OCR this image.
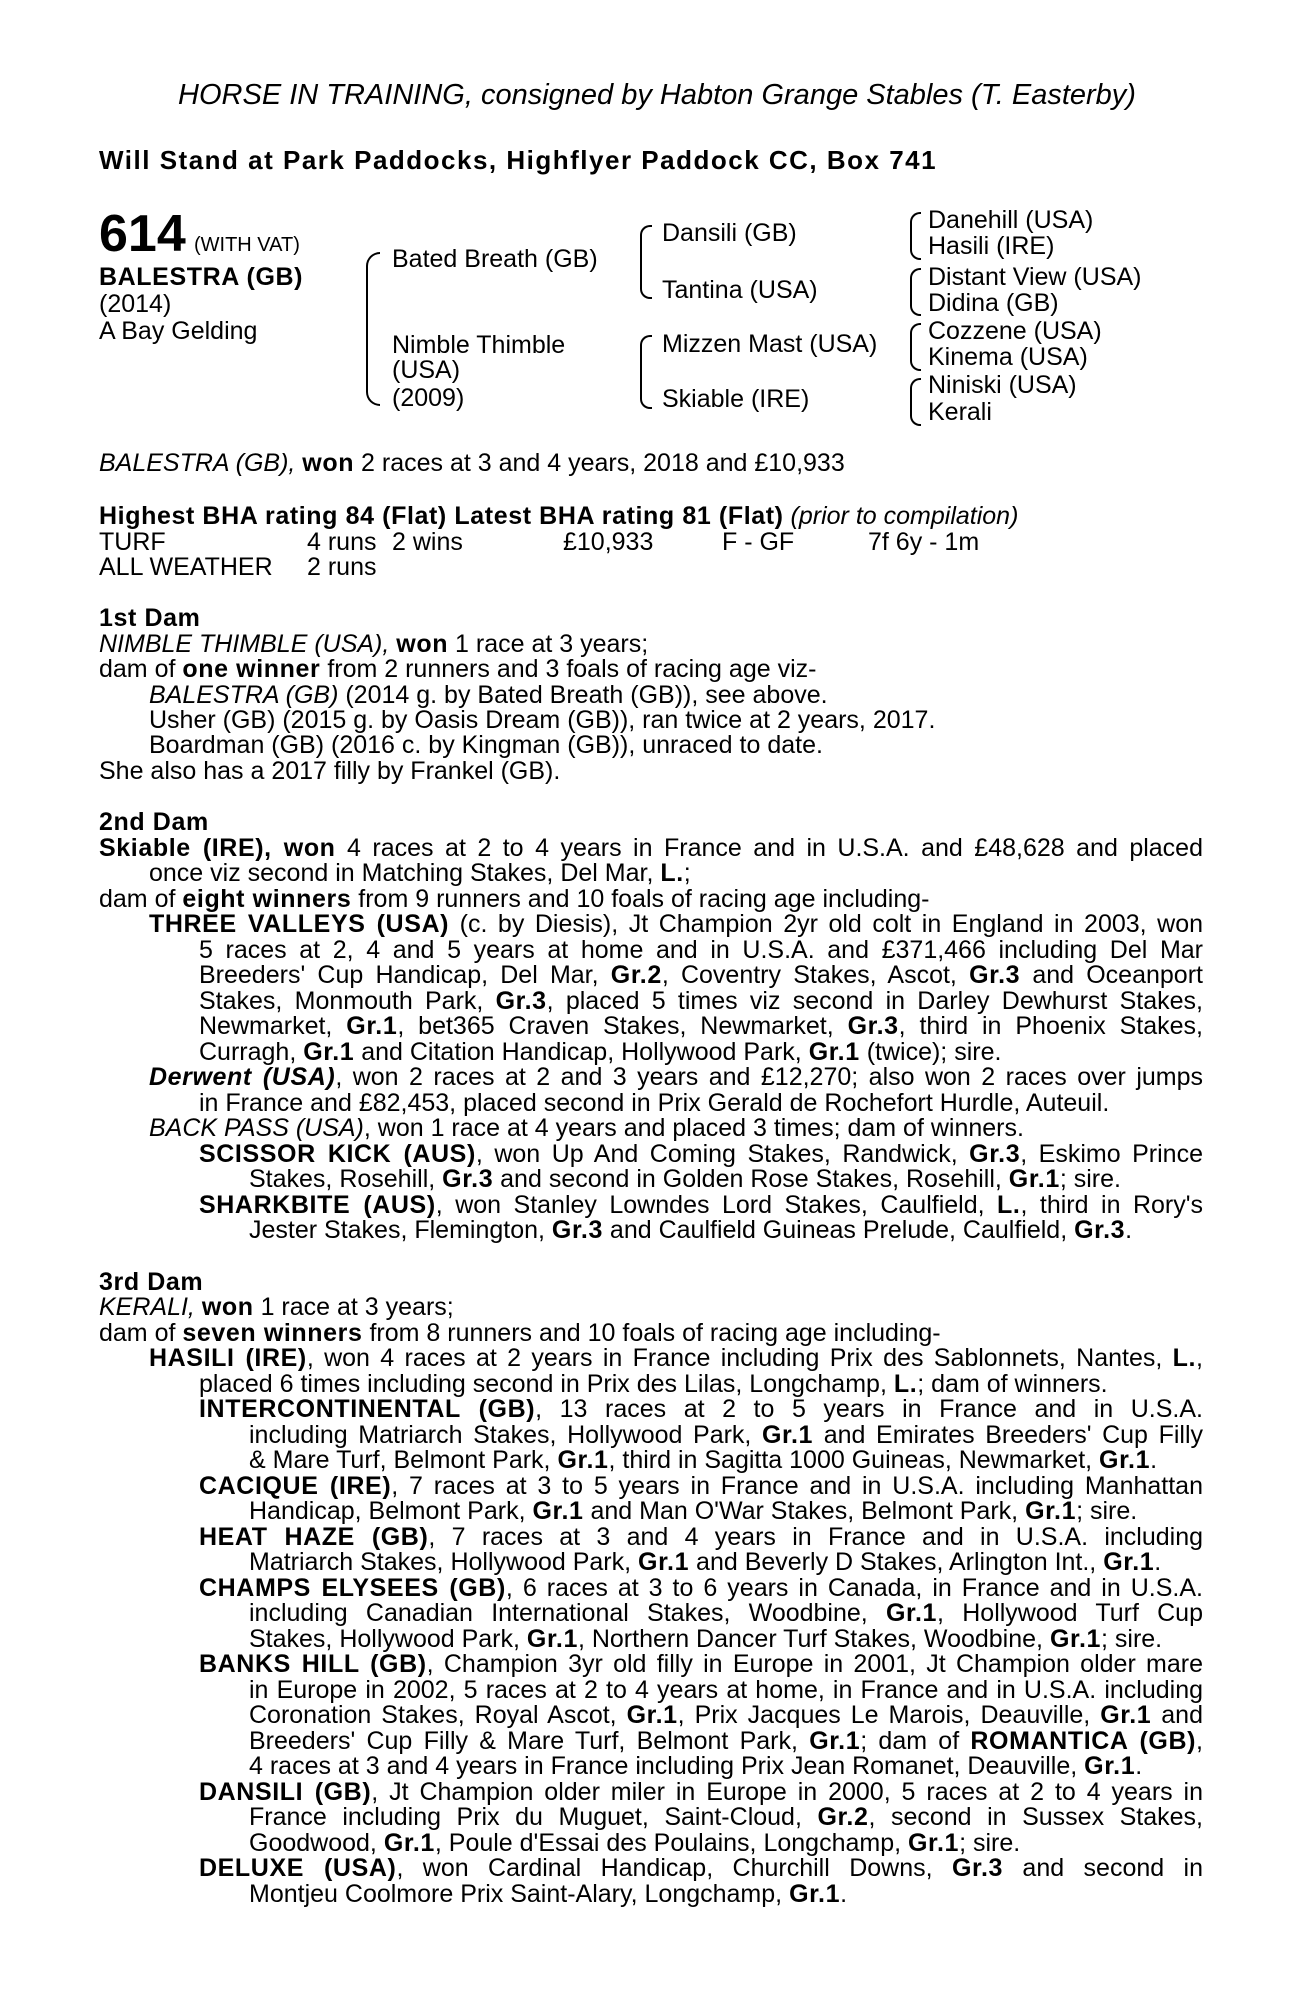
HORSE IN TRAINING, consigned by Habton Grange Stables (T. Easterby)
Will Stand at Park Paddocks, Highflyer Paddock CC, Box 741
614 (WITH VAT)
BALESTRA (GB)
(2014)
A Bay Gelding
Bated Breath (GB)
Nimble Thimble
(USA)
(2009)
Dansili (GB)
Tantina (USA)
Mizzen Mast (USA)
Skiable (IRE)
Danehill (USA)
Hasili (IRE)
Distant View (USA)
Didina (GB)
Cozzene (USA)
Kinema (USA)
Niniski (USA)
Kerali
BALESTRA (GB), won 2 races at 3 and 4 years, 2018 and £10,933
Highest BHA rating 84 (Flat) Latest BHA rating 81 (Flat) (prior to compilation)
TURF	4 runs 2 wins	£10,933	F - GF	7f 6y - 1m
ALL WEATHER 2 runs
1st Dam
NIMBLE THIMBLE (USA), won 1 race at 3 years;
dam of one winner from 2 runners and 3 foals of racing age viz-
BALESTRA (GB) (2014 g. by Bated Breath (GB)), see above.
Usher (GB) (2015 g. by Oasis Dream (GB)), ran twice at 2 years, 2017.
Boardman (GB) (2016 c. by Kingman (GB)), unraced to date.
She also has a 2017 filly by Frankel (GB).
2nd Dam
Skiable (IRE), won 4 races at 2 to 4 years in France and in U.S.A. and £48,628 and placed
once viz second in Matching Stakes, Del Mar, L.;
dam of eight winners from 9 runners and 10 foals of racing age including-
THREE VALLEYS (USA) (c. by Diesis), Jt Champion 2yr old colt in England in 2003, won
5 races at 2, 4 and 5 years at home and in U.S.A. and £371,466 including Del Mar
Breeders' Cup Handicap, Del Mar, Gr.2, Coventry Stakes, Ascot, Gr.3 and Oceanport
Stakes, Monmouth Park, Gr.3, placed 5 times viz second in Darley Dewhurst Stakes,
Newmarket, Gr.1, bet365 Craven Stakes, Newmarket, Gr.3, third in Phoenix Stakes,
Curragh, Gr.1 and Citation Handicap, Hollywood Park, Gr.1 (twice); sire.
Derwent (USA), won 2 races at 2 and 3 years and £12,270; also won 2 races over jumps
in France and £82,453, placed second in Prix Gerald de Rochefort Hurdle, Auteuil.
BACK PASS (USA), won 1 race at 4 years and placed 3 times; dam of winners.
SCISSOR KICK (AUS), won Up And Coming Stakes, Randwick, Gr.3, Eskimo Prince
Stakes, Rosehill, Gr.3 and second in Golden Rose Stakes, Rosehill, Gr.1; sire.
SHARKBITE (AUS), won Stanley Lowndes Lord Stakes, Caulfield, L., third in Rory's
Jester Stakes, Flemington, Gr.3 and Caulfield Guineas Prelude, Caulfield, Gr.3.
3rd Dam
KERALI, won 1 race at 3 years;
dam of seven winners from 8 runners and 10 foals of racing age including-
HASILI (IRE), won 4 races at 2 years in France including Prix des Sablonnets, Nantes, L.,
placed 6 times including second in Prix des Lilas, Longchamp, L.; dam of winners.
INTERCONTINENTAL (GB), 13 races at 2 to 5 years in France and in U.S.A.
including Matriarch Stakes, Hollywood Park, Gr.1 and Emirates Breeders' Cup Filly
& Mare Turf, Belmont Park, Gr.1, third in Sagitta 1000 Guineas, Newmarket, Gr.1.
CACIQUE (IRE), 7 races at 3 to 5 years in France and in U.S.A. including Manhattan
Handicap, Belmont Park, Gr.1 and Man O'War Stakes, Belmont Park, Gr.1; sire.
HEAT HAZE (GB), 7 races at 3 and 4 years in France and in U.S.A. including
Matriarch Stakes, Hollywood Park, Gr.1 and Beverly D Stakes, Arlington Int., Gr.1.
CHAMPS ELYSEES (GB), 6 races at 3 to 6 years in Canada, in France and in U.S.A.
including Canadian International Stakes, Woodbine, Gr.1, Hollywood Turf Cup
Stakes, Hollywood Park, Gr.1, Northern Dancer Turf Stakes, Woodbine, Gr.1; sire.
BANKS HILL (GB), Champion 3yr old filly in Europe in 2001, Jt Champion older mare
in Europe in 2002, 5 races at 2 to 4 years at home, in France and in U.S.A. including
Coronation Stakes, Royal Ascot, Gr.1, Prix Jacques Le Marois, Deauville, Gr.1 and
Breeders' Cup Filly & Mare Turf, Belmont Park, Gr.1; dam of ROMANTICA (GB),
4 races at 3 and 4 years in France including Prix Jean Romanet, Deauville, Gr.1.
DANSILI (GB), Jt Champion older miler in Europe in 2000, 5 races at 2 to 4 years in
France including Prix du Muguet, Saint-Cloud, Gr.2, second in Sussex Stakes,
Goodwood, Gr.1, Poule d'Essai des Poulains, Longchamp, Gr.1; sire.
DELUXE (USA), won Cardinal Handicap, Churchill Downs, Gr.3 and second in
Montjeu Coolmore Prix Saint-Alary, Longchamp, Gr.1.
